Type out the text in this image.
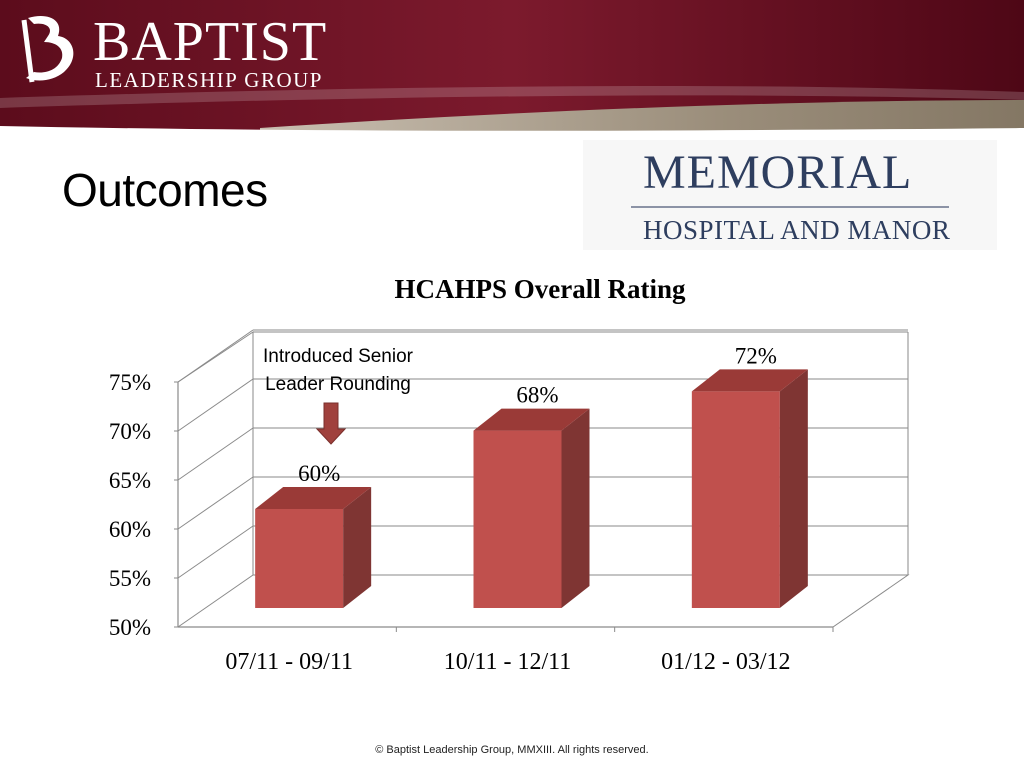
BAPTIST
LEADERSHIP GROUP
Outcomes	MEMORIAL
HOSPITAL AND MANOR
HCAHPS Overall Rating
50%
55%
60%
65%
70%
75%
07/11 - 09/11	10/11 - 12/11	01/12 - 03/12
60%
68%
72%
Introduced Senior
Leader Rounding
© Baptist Leadership Group, MMXIII. All rights reserved.
